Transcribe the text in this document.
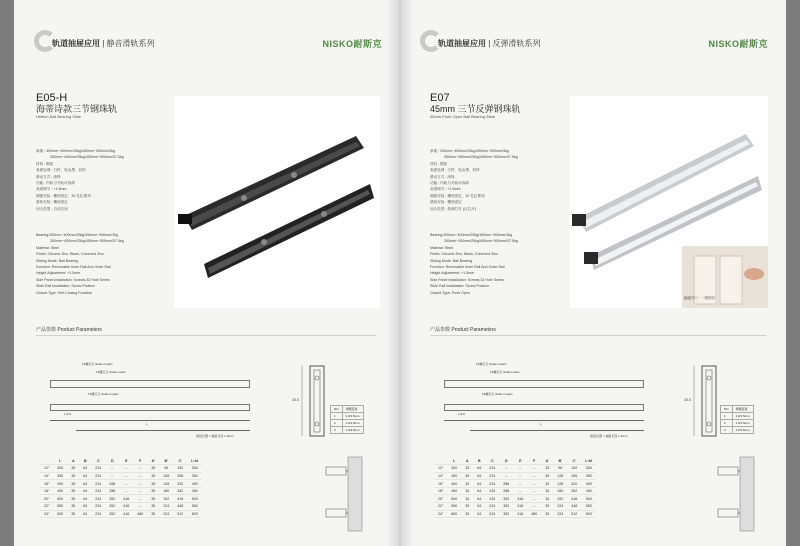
轨道抽屉应用 | 静音滑轨系列	NISKO耐斯克
E05-H
海蒂诗款三节钢珠轨
Hettich Ball Bearing Slide
承重 : 300mm~400mm/25kg/450mm~500mm/3kg
350mm~400mm/25kg/450mm~500mm/37.5kg
材料 : 钢质
表面处理 : 白样、电泳黑、彩锌
滑动方式 : 滚珠
功能 : 内轨与外轨可拆卸
高度调节 : +1.5mm
侧板安装 : 螺丝固定、32 孔位系列
滑轨安装 : 螺丝固定
闭合类型 : 自动关闭
Bearing:300mm~400mm/25kg/450mm~500mm/3kg
350mm~400mm/25kg/450mm~500mm/37.5kg
Material: Steel
Finish: Chrome Zinc, Black, Colorized Zinc
Sliding Mode: Ball Bearing
Function: Removable Inner Rail And Outer Rail
Height Adjustment: +1.5mm
Side Panel Installation: Screws,32 Hole Series
Slide Rail Installation: Screw Fixation
Closed Type: Self-Closing Function
产品参数 Product Parameters
13螺钉孔 Scale Impact
13螺钉孔 Scale Lower
13螺钉孔 Scale Impact
L-6.5
L
旋钮位置 = 抽屉长度 L-5mm
35.5
NO	调整距离
1	1.0/1.5mm
2	1.0/1.5mm
3	1.0/1.5mm
	L	A	B	C	D	E	F	A'	B'	C'	L'±2
12"	300	35	64	224	--	--	--	35	96	192	300
14"	350	35	64	224	--	--	--	35	128	256	350
16"	400	35	64	224	288	--	--	35	128	320	400
18"	450	35	64	224	288	--	--	35	160	352	450
20"	500	35	64	224	352	416	--	35	192	416	500
22"	550	35	64	224	352	416	--	35	224	448	550
24"	600	35	64	224	352	416	480	35	224	512	600
轨道抽屉应用 | 反弹滑轨系列	NISKO耐斯克
E07
45mm 三节反弹钢珠轨
45mm Push Open Ball Bearing Slide
承重 : 300mm~400mm/25kg/450mm~500mm/3kg
350mm~400mm/25kg/450mm~500mm/37.5kg
材料 : 钢质
表面处理 : 白样、电泳黑、彩锌
滑动方式 : 滚珠
功能 : 内轨与外轨可拆卸
高度调节 : +1.5mm
侧板安装 : 螺丝固定、32 孔位系列
滑轨安装 : 螺丝固定
闭合类型 : 按弹打开 (反拉开)
Bearing:300mm~400mm/25kg/450mm~500mm/3kg
350mm~400mm/25kg/450mm~500mm/37.5kg
Material: Steel
Finish: Chrome Zinc, Black, Colorized Zinc
Sliding Mode: Ball Bearing
Function: Removable Inner Rail And Outer Rail
Height Adjustment: +1.5mm
Side Panel Installation: Screws,32 Hole Series
Slide Rail Installation: Screw Fixation
Closed Type: Push Open
触碰开门 · 一按即开
产品参数 Product Parameters
13螺钉孔 Scale Impact
13螺钉孔 Scale Lower
13螺钉孔 Scale Impact
L-6.5
L
旋钮位置 = 抽屉长度 L-5mm
35.5
NO	调整距离
1	1.0/1.5mm
2	1.0/1.5mm
3	1.0/1.5mm
	L	A	B	C	D	E	F	A'	B'	C'	L'±2
12"	300	35	64	224	--	--	--	35	96	192	300
14"	350	35	64	224	--	--	--	35	128	256	350
16"	400	35	64	224	288	--	--	35	128	320	400
18"	450	35	64	224	288	--	--	35	160	352	450
20"	500	35	64	224	352	416	--	35	192	416	500
22"	550	35	64	224	352	416	--	35	224	448	550
24"	600	35	64	224	352	416	480	35	224	512	600
